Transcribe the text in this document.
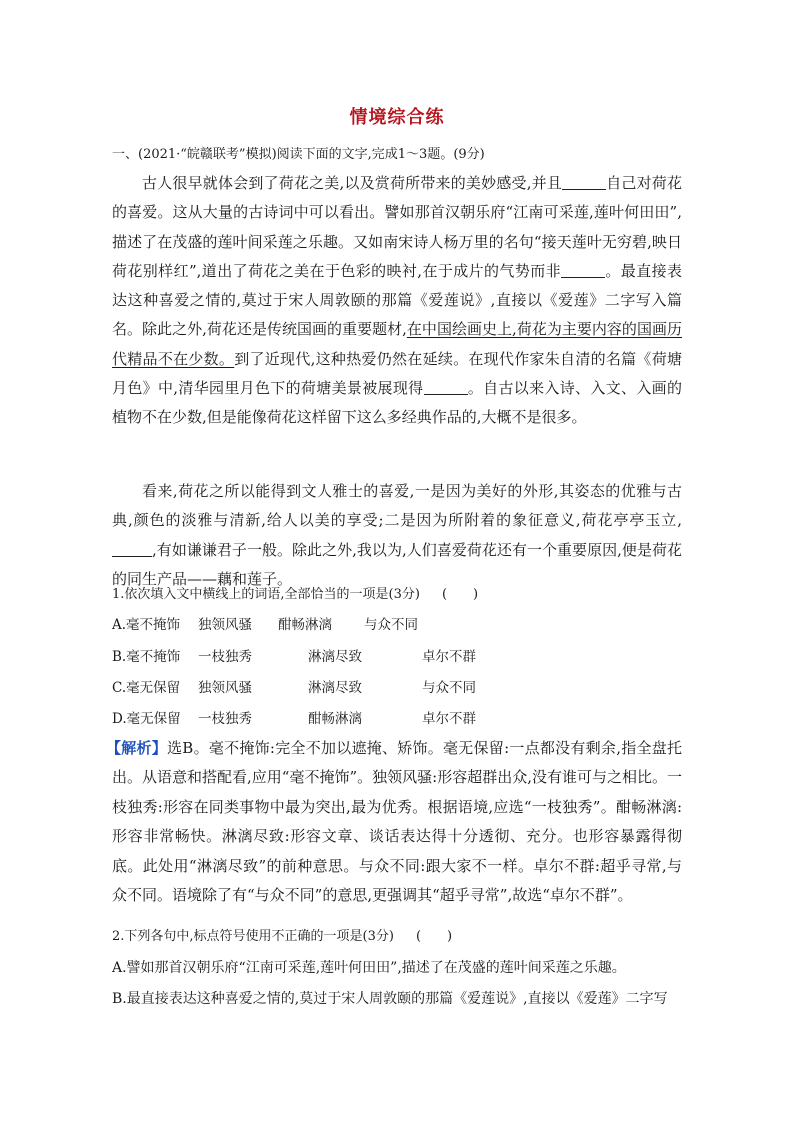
情境综合练
一、(2021·“皖赣联考”模拟)阅读下面的文字,完成1～3题。(9分)

古人很早就体会到了荷花之美,以及赏荷所带来的美妙感受,并且	自己对荷花的喜爱。这从大量的古诗词中可以看出。譬如那首汉朝乐府“江南可采莲,莲叶何田田”,描述了在茂盛的莲叶间采莲之乐趣。又如南宋诗人杨万里的名句“接天莲叶无穷碧,映日荷花别样红”,道出了荷花之美在于色彩的映衬,在于成片的气势而非	。最直接表达这种喜爱之情的,莫过于宋人周敦颐的那篇《爱莲说》,直接以《爱莲》二字写入篇名。除此之外,荷花还是传统国画的重要题材,在中国绘画史上,荷花为主要内容的国画历代精品不在少数。到了近现代,这种热爱仍然在延续。在现代作家朱自清的名篇《荷塘月色》中,清华园里月色下的荷塘美景被展现得	。自古以来入诗、入文、入画的植物不在少数,但是能像荷花这样留下这么多经典作品的,大概不是很多。

看来,荷花之所以能得到文人雅士的喜爱,一是因为美好的外形,其姿态的优雅与古典,颜色的淡雅与清新,给人以美的享受;二是因为所附着的象征意义,荷花亭亭玉立,,有如谦谦君子一般。除此之外,我以为,人们喜爱荷花还有一个重要原因,便是荷花的同生产品——藕和莲子。

1.依次填入文中横线上的词语,全部恰当的一项是(3分) (　　)
A.毫不掩饰 独领风骚 酣畅淋漓 与众不同
B.毫不掩饰 一枝独秀	淋漓尽致	卓尔不群
C.毫无保留 独领风骚	淋漓尽致	与众不同
D.毫无保留 一枝独秀	酣畅淋漓	卓尔不群

【解析】选B。毫不掩饰:完全不加以遮掩、矫饰。毫无保留:一点都没有剩余,指全盘托出。从语意和搭配看,应用“毫不掩饰”。独领风骚:形容超群出众,没有谁可与之相比。一枝独秀:形容在同类事物中最为突出,最为优秀。根据语境,应选“一枝独秀”。酣畅淋漓:形容非常畅快。淋漓尽致:形容文章、谈话表达得十分透彻、充分。也形容暴露得彻底。此处用“淋漓尽致”的前种意思。与众不同:跟大家不一样。卓尔不群:超乎寻常,与众不同。语境除了有“与众不同”的意思,更强调其“超乎寻常”,故选“卓尔不群”。

2.下列各句中,标点符号使用不正确的一项是(3分) (　　)
A.譬如那首汉朝乐府“江南可采莲,莲叶何田田”,描述了在茂盛的莲叶间采莲之乐趣。
B.最直接表达这种喜爱之情的,莫过于宋人周敦颐的那篇《爱莲说》,直接以《爱莲》二字写
